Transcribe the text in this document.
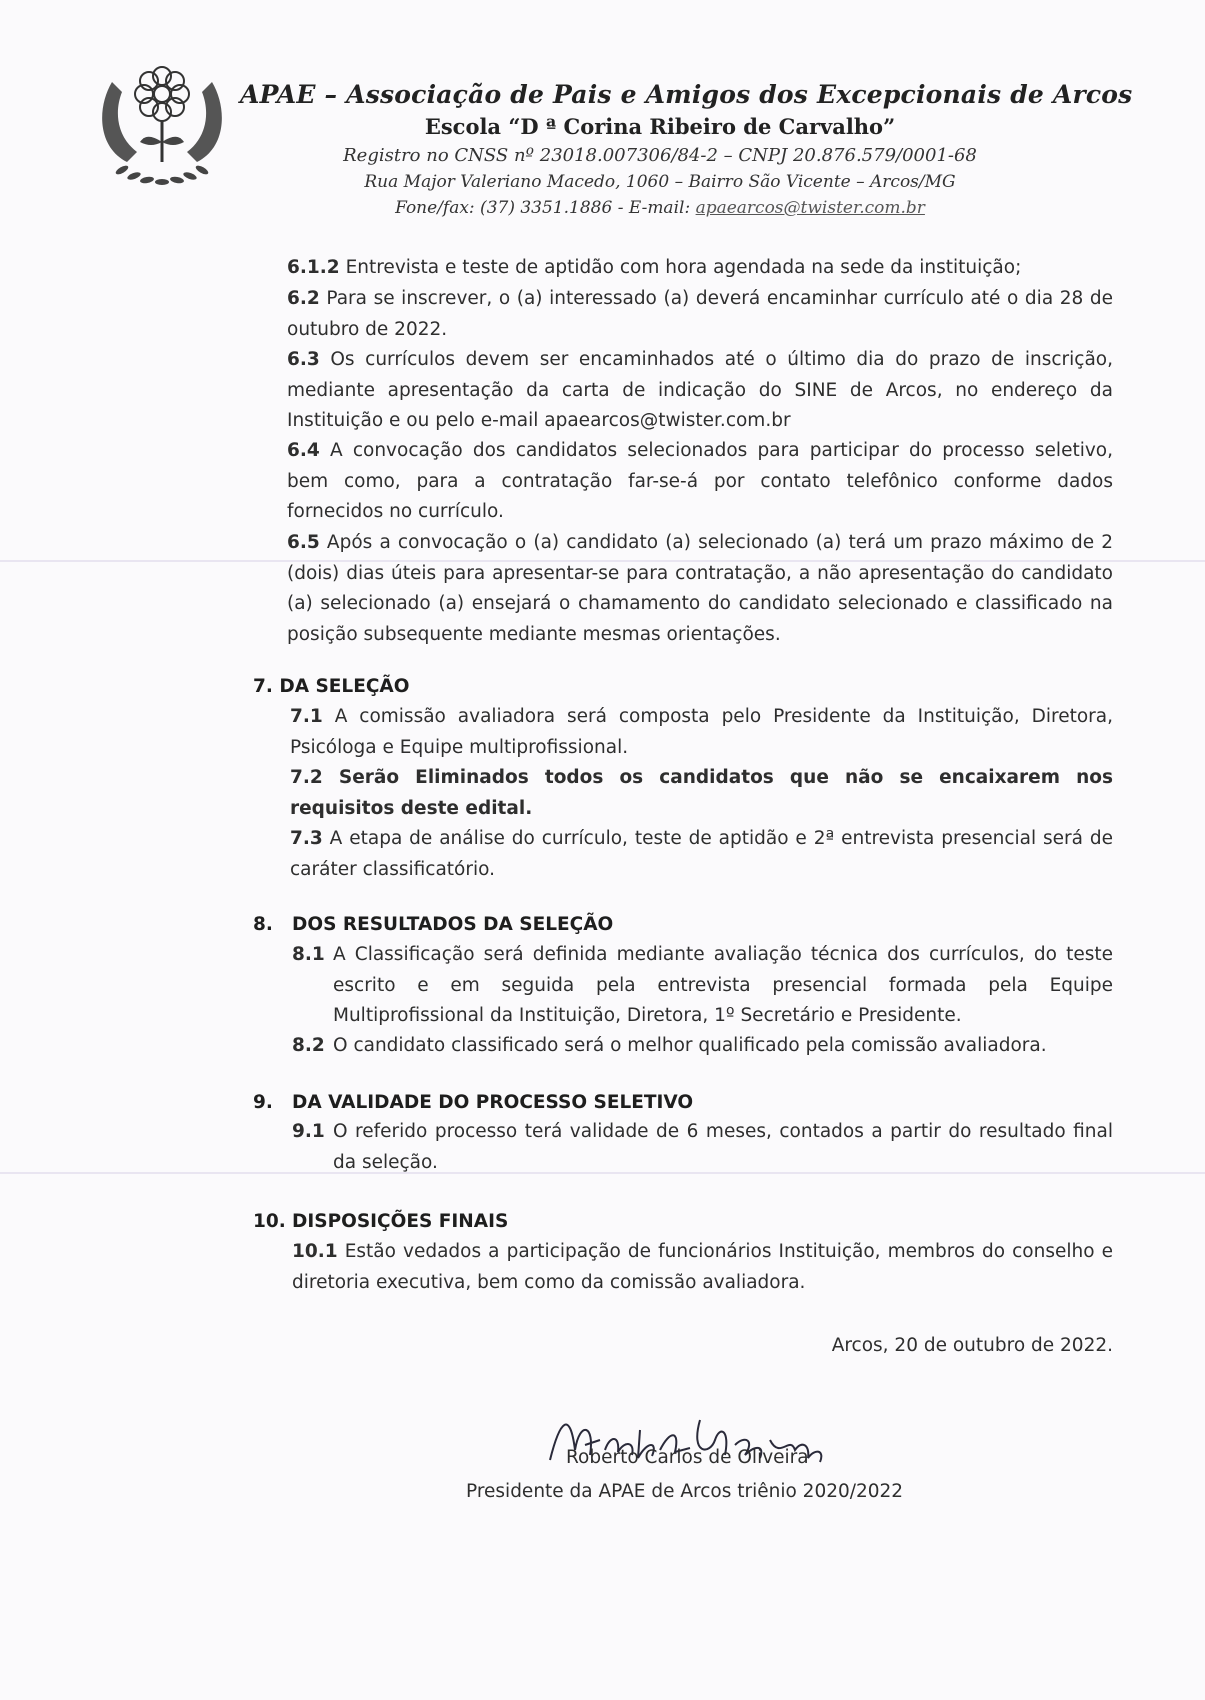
APAE – Associação de Pais e Amigos dos Excepcionais de Arcos
Escola “D ª Corina Ribeiro de Carvalho”
Registro no CNSS nº 23018.007306/84-2 – CNPJ 20.876.579/0001-68
Rua Major Valeriano Macedo, 1060 – Bairro São Vicente – Arcos/MG
Fone/fax: (37) 3351.1886 - E-mail: apaearcos@twister.com.br
6.1.2 Entrevista e teste de aptidão com hora agendada na sede da instituição;
6.2 Para se inscrever, o (a) interessado (a) deverá encaminhar currículo até o dia 28 de outubro de 2022.
6.3 Os currículos devem ser encaminhados até o último dia do prazo de inscrição, mediante apresentação da carta de indicação do SINE de Arcos, no endereço da Instituição e ou pelo e-mail apaearcos@twister.com.br
6.4 A convocação dos candidatos selecionados para participar do processo seletivo, bem como, para a contratação far-se-á por contato telefônico conforme dados fornecidos no currículo.
6.5 Após a convocação o (a) candidato (a) selecionado (a) terá um prazo máximo de 2 (dois) dias úteis para apresentar-se para contratação, a não apresentação do candidato (a) selecionado (a) ensejará o chamamento do candidato selecionado e classificado na posição subsequente mediante mesmas orientações.
7. DA SELEÇÃO
7.1 A comissão avaliadora será composta pelo Presidente da Instituição, Diretora, Psicóloga e Equipe multiprofissional.
7.2 Serão Eliminados todos os candidatos que não se encaixarem nos requisitos deste edital.
7.3 A etapa de análise do currículo, teste de aptidão e 2ª entrevista presencial será de caráter classificatório.
8. DOS RESULTADOS DA SELEÇÃO
8.1 A Classificação será definida mediante avaliação técnica dos currículos, do teste escrito e em seguida pela entrevista presencial formada pela Equipe Multiprofissional da Instituição, Diretora, 1º Secretário e Presidente.
8.2 O candidato classificado será o melhor qualificado pela comissão avaliadora.
9. DA VALIDADE DO PROCESSO SELETIVO
9.1 O referido processo terá validade de 6 meses, contados a partir do resultado final da seleção.
10. DISPOSIÇÕES FINAIS
10.1 Estão vedados a participação de funcionários Instituição, membros do conselho e diretoria executiva, bem como da comissão avaliadora.
Arcos, 20 de outubro de 2022.
Roberto Carlos de Oliveira
Presidente da APAE de Arcos triênio 2020/2022
